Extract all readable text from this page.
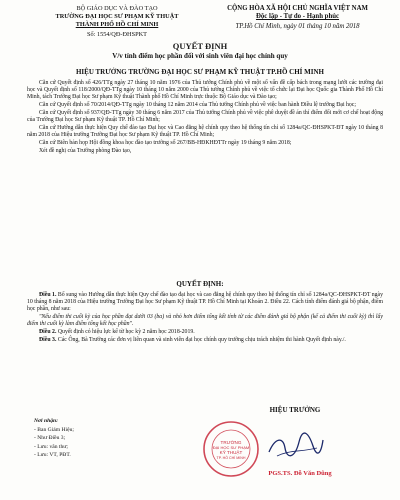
BỘ GIÁO DỤC VÀ ĐÀO TẠO
TRƯỜNG ĐẠI HỌC SƯ PHẠM KỸ THUẬT
THÀNH PHỐ HỒ CHÍ MINH
Số: 1554/QĐ-ĐHSPKT
CỘNG HÒA XÃ HỘI CHỦ NGHĨA VIỆT NAM
Độc lập - Tự do - Hạnh phúc
TP.Hồ Chí Minh, ngày 01 tháng 10 năm 2018
QUYẾT ĐỊNH
V/v tính điểm học phần đối với sinh viên đại học chính quy
HIỆU TRƯỞNG TRƯỜNG ĐẠI HỌC SƯ PHẠM KỸ THUẬT TP.HỒ CHÍ MINH

Căn cứ Quyết định số 426/TTg ngày 27 tháng 10 năm 1976 của Thủ tướng Chính phủ về một số vấn đề cấp bách trong mạng lưới các trường đại học và Quyết định số 118/2000/QĐ-TTg ngày 10 tháng 10 năm 2000 của Thủ tướng Chính phủ về việc tổ chức lại Đại học Quốc gia Thành Phố Hồ Chí Minh, tách Trường Đại học Sư phạm Kỹ thuật Thành phố Hồ Chí Minh trực thuộc Bộ Giáo dục và Đào tạo;

Căn cứ Quyết định số 70/2014/QĐ-TTg ngày 10 tháng 12 năm 2014 của Thủ tướng Chính phủ về việc ban hành Điều lệ trường Đại học;

Căn cứ Quyết định số 937/QĐ-TTg ngày 30 tháng 6 năm 2017 của Thủ tướng Chính phủ về việc phê duyệt đề án thí điểm đổi mới cơ chế hoạt động của Trường Đại học Sư phạm Kỹ thuật TP. Hồ Chí Minh;

Căn cứ Hướng dẫn thực hiện Quy chế đào tạo Đại học và Cao đẳng hệ chính quy theo hệ thống tín chỉ số 1284a/QC-ĐHSPKT-ĐT ngày 10 tháng 8 năm 2018 của Hiệu trưởng Trường Đại học Sư phạm Kỹ thuật TP. Hồ Chí Minh;

Căn cứ Biên bản họp Hội đồng khoa học đào tạo trường số 267/BB-HĐKHĐTTr ngày 19 tháng 9 năm 2018;

Xét đề nghị của Trưởng phòng Đào tạo,

QUYẾT ĐỊNH:

Điều 1. Bổ sung vào Hướng dẫn thực hiện Quy chế đào tạo đại học và cao đẳng hệ chính quy theo hệ thống tín chỉ số 1284a/QC-ĐHSPKT-ĐT ngày 10 tháng 8 năm 2018 của Hiệu trưởng Trường Đại học Sư phạm Kỹ thuật TP. Hồ Chí Minh tại Khoản 2. Điều 22. Cách tính điểm đánh giá bộ phận, điểm học phần, như sau:

"Nếu điểm thi cuối kỳ của học phần đạt dưới 03 (ba) và nhỏ hơn điểm tổng kết tính từ các điểm đánh giá bộ phận (kể cả điểm thi cuối kỳ) thì lấy điểm thi cuối kỳ làm điểm tổng kết học phần".

Điều 2. Quyết định có hiệu lực kể từ học kỳ 2 năm học 2018-2019.

Điều 3. Các Ông, Bà Trưởng các đơn vị liên quan và sinh viên đại học chính quy trường chịu trách nhiệm thi hành Quyết định này./.

Nơi nhận:
- Ban Giám Hiệu;
- Như Điều 3;
- Lưu: văn thư;
- Lưu: VT, PĐT.
HIỆU TRƯỞNG
TRƯỜNG
ĐẠI HỌC SƯ PHẠM
KỸ THUẬT
TP. HỒ CHÍ MINH
PGS.TS. Đỗ Văn Dũng
